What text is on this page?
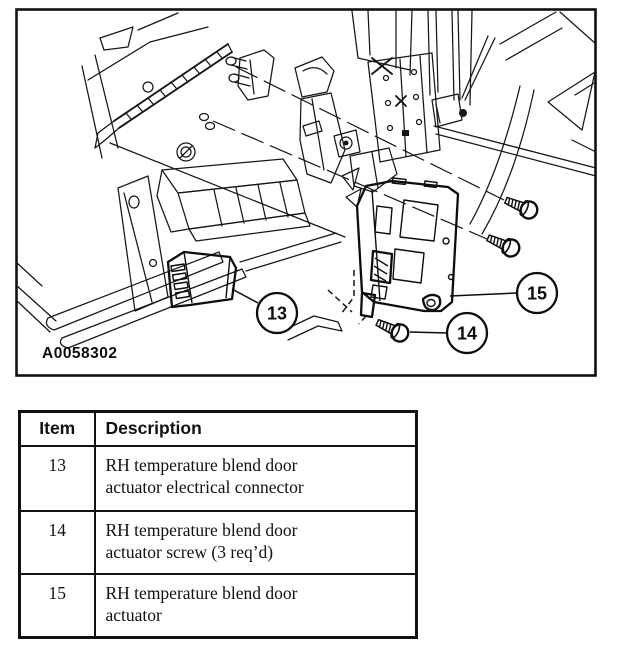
13
14
15
A0058302
Item	Description
13	RH temperature blend door
actuator electrical connector

14	RH temperature blend door
actuator screw (3 req’d)

15	RH temperature blend door
actuator
